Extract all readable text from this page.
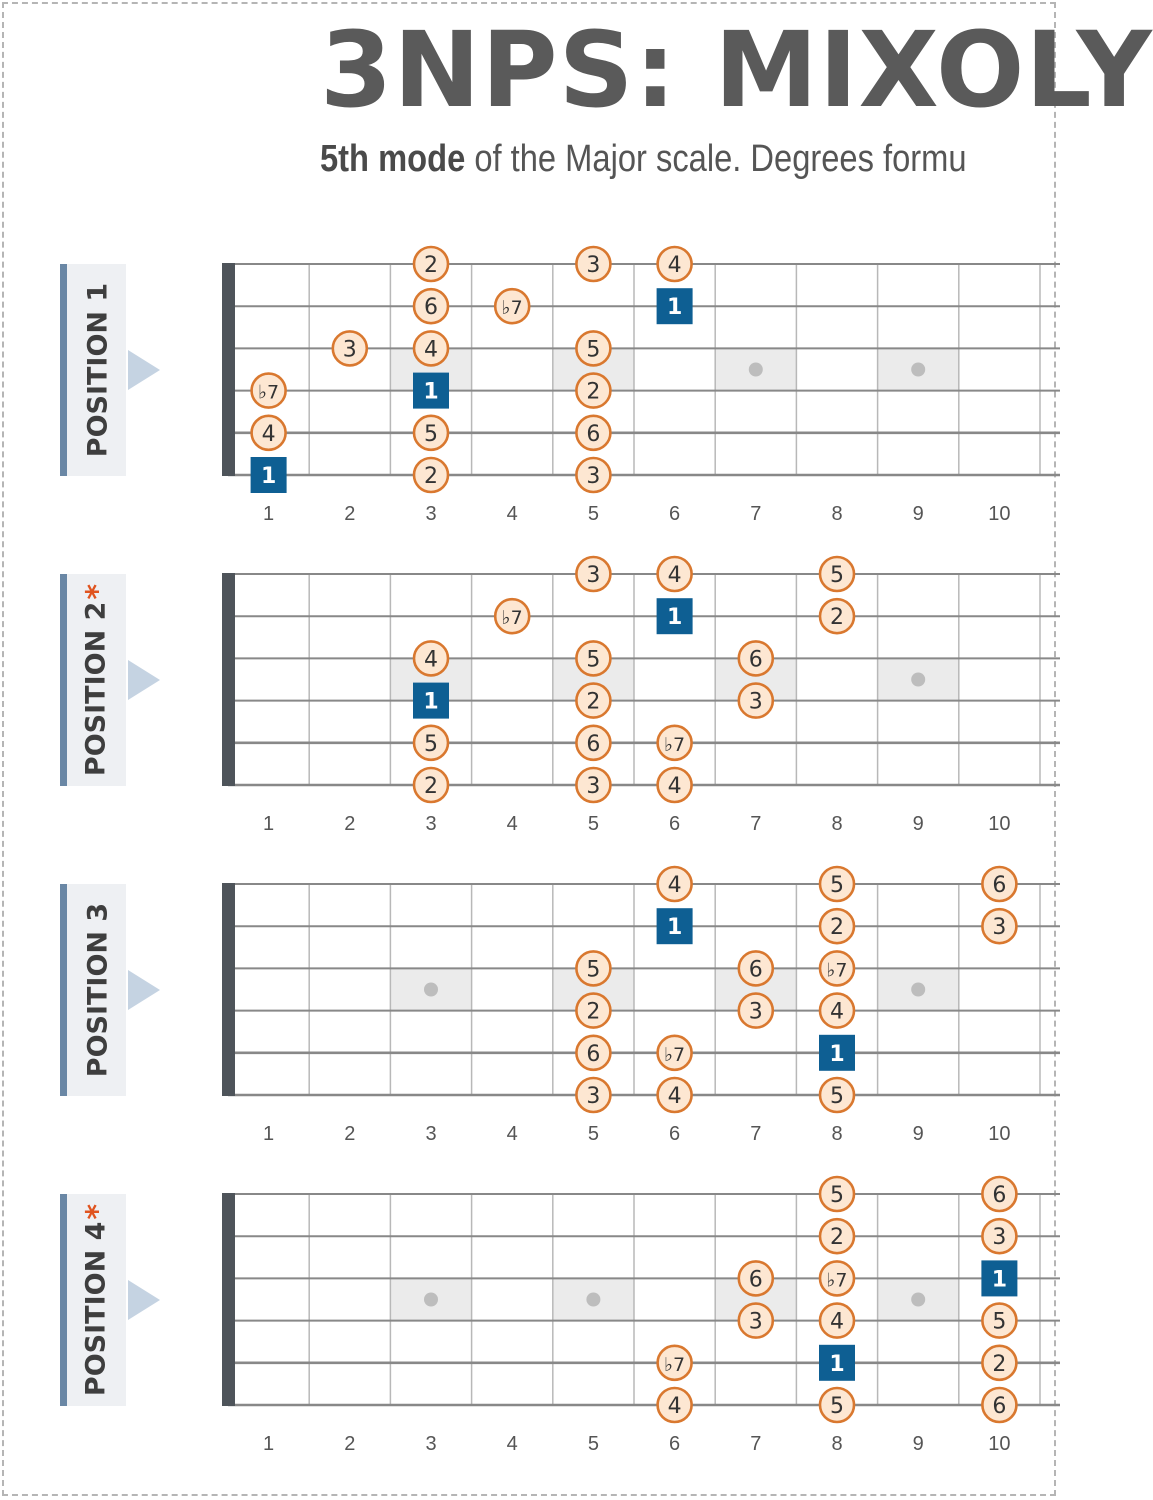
3NPS: MIXOLY

5th mode of the Major scale. Degrees formu

POSITION 1
1	2	3	4	5	6	7	8	9	10
2	3	4
6	♭7	1
3	4	5
♭7	1	2
4	5	6
1	2	3
POSITION 2*
1	2	3	4	5	6	7	8	9	10
3	4	5
♭7	1	2
4	5	6
1	2	3
5	6	♭7
2	3	4
POSITION 3
1	2	3	4	5	6	7	8	9	10
4	5	6
1	2	3
5	6	♭7
2	3	4
6	♭7	1
3	4	5
POSITION 4*
1	2	3	4	5	6	7	8	9	10
5	6
2	3
6	♭7	1
3	4	5
♭7	1	2
4	5	6
